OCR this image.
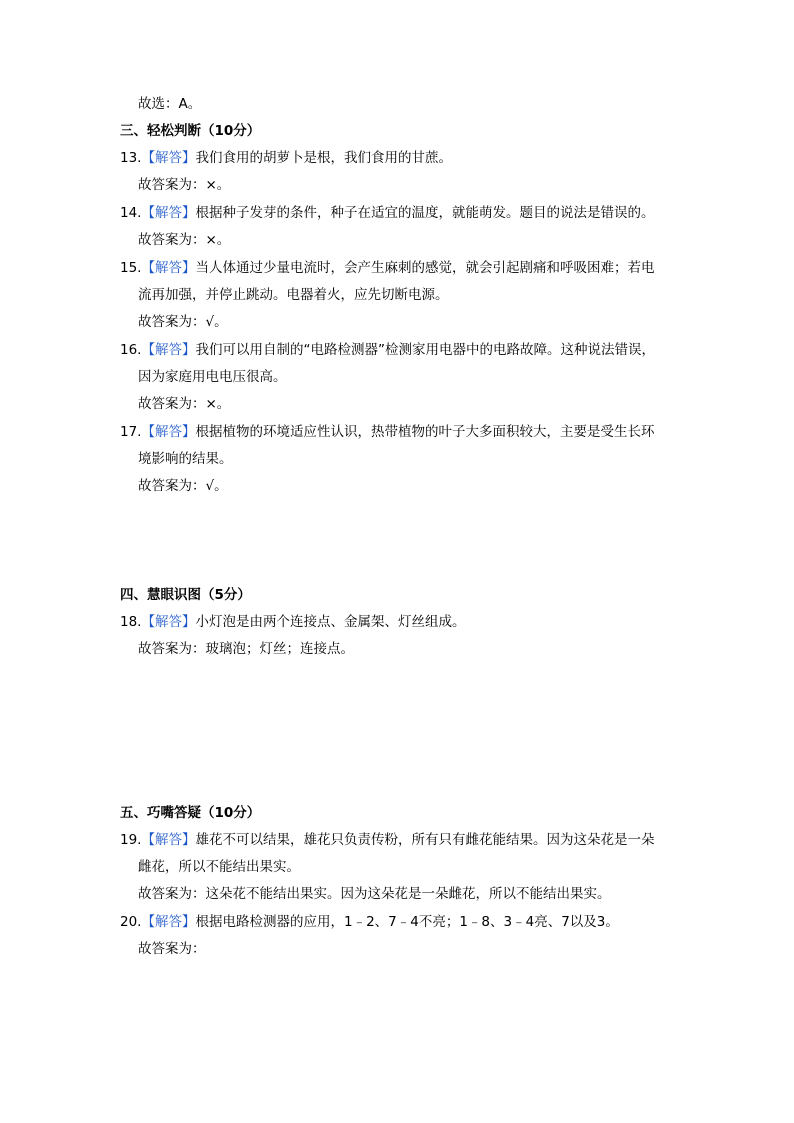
故选：A。
三、轻松判断（10分）
13.【解答】我们食用的胡萝卜是根，我们食用的甘蔗。
故答案为：×。
14.【解答】根据种子发芽的条件，种子在适宜的温度，就能萌发。题目的说法是错误的。
故答案为：×。
15.【解答】当人体通过少量电流时，会产生麻刺的感觉，就会引起剧痛和呼吸困难；若电
流再加强，并停止跳动。电器着火，应先切断电源。
故答案为：√。
16.【解答】我们可以用自制的“电路检测器”检测家用电器中的电路故障。这种说法错误，
因为家庭用电电压很高。
故答案为：×。
17.【解答】根据植物的环境适应性认识，热带植物的叶子大多面积较大，主要是受生长环
境影响的结果。
故答案为：√。
四、慧眼识图（5分）
18.【解答】小灯泡是由两个连接点、金属架、灯丝组成。
故答案为：玻璃泡；灯丝；连接点。
五、巧嘴答疑（10分）
19.【解答】雄花不可以结果，雄花只负责传粉，所有只有雌花能结果。因为这朵花是一朵
雌花，所以不能结出果实。
故答案为：这朵花不能结出果实。因为这朵花是一朵雌花，所以不能结出果实。
20.【解答】根据电路检测器的应用，1﹣2、7﹣4不亮；1﹣8、3﹣4亮、7以及3。
故答案为：
